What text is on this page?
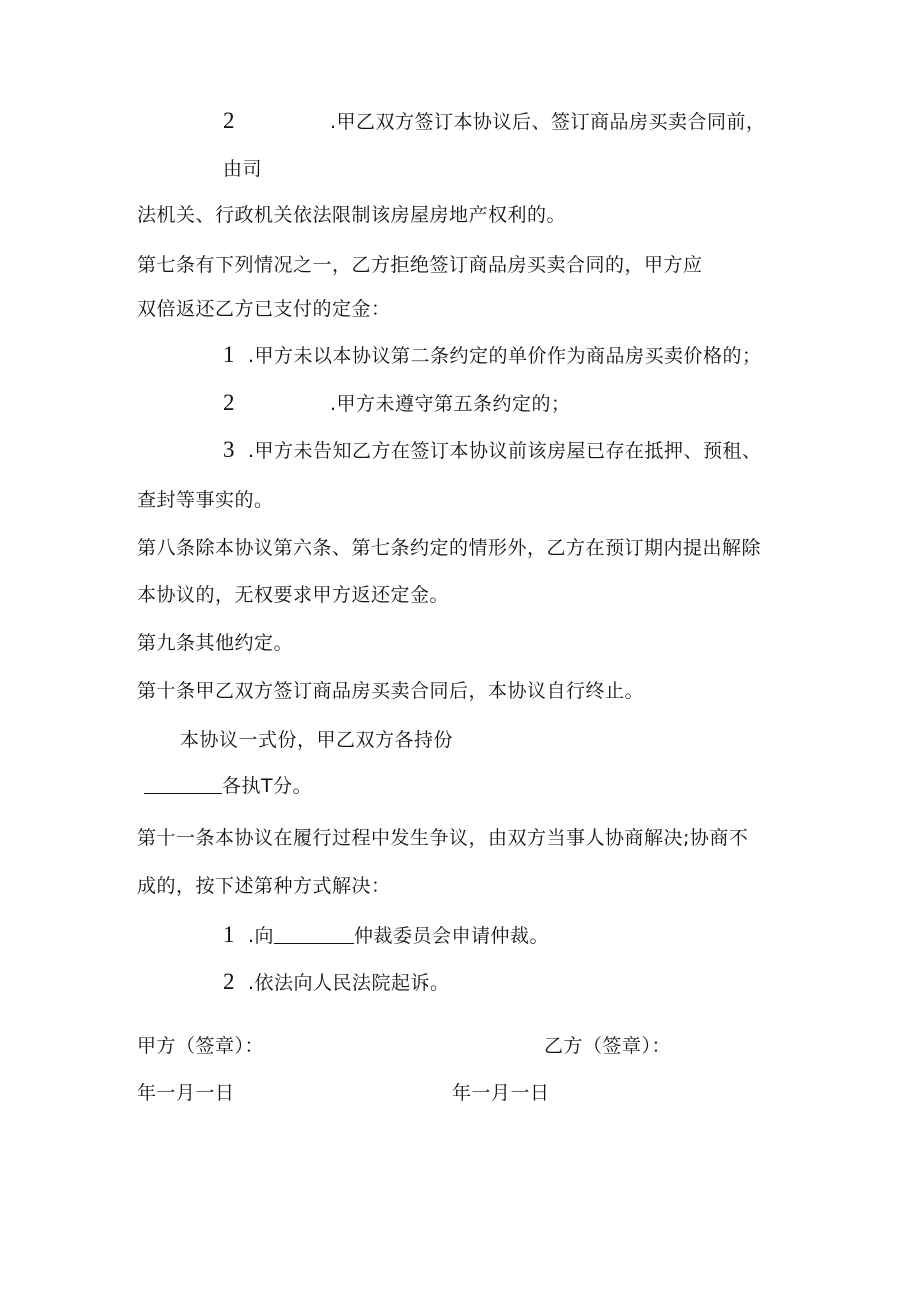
2	.甲乙双方签订本协议后、签订商品房买卖合同前，
由司
法机关、行政机关依法限制该房屋房地产权利的。
第七条有下列情况之一，乙方拒绝签订商品房买卖合同的，甲方应
双倍返还乙方已支付的定金：
1 .甲方未以本协议第二条约定的单价作为商品房买卖价格的；
2	.甲方未遵守第五条约定的；
3 .甲方未告知乙方在签订本协议前该房屋已存在抵押、预租、
查封等事实的。
第八条除本协议第六条、第七条约定的情形外，乙方在预订期内提出解除
本协议的，无权要求甲方返还定金。
第九条其他约定。
第十条甲乙双方签订商品房买卖合同后，本协议自行终止。
本协议一式份，甲乙双方各持份
各执T分。
第十一条本协议在履行过程中发生争议，由双方当事人协商解决;协商不
成的，按下述第种方式解决：
1 .向	仲裁委员会申请仲裁。
2 .依法向人民法院起诉。
甲方（签章）：	乙方（签章）：
年一月一日	年一月一日
